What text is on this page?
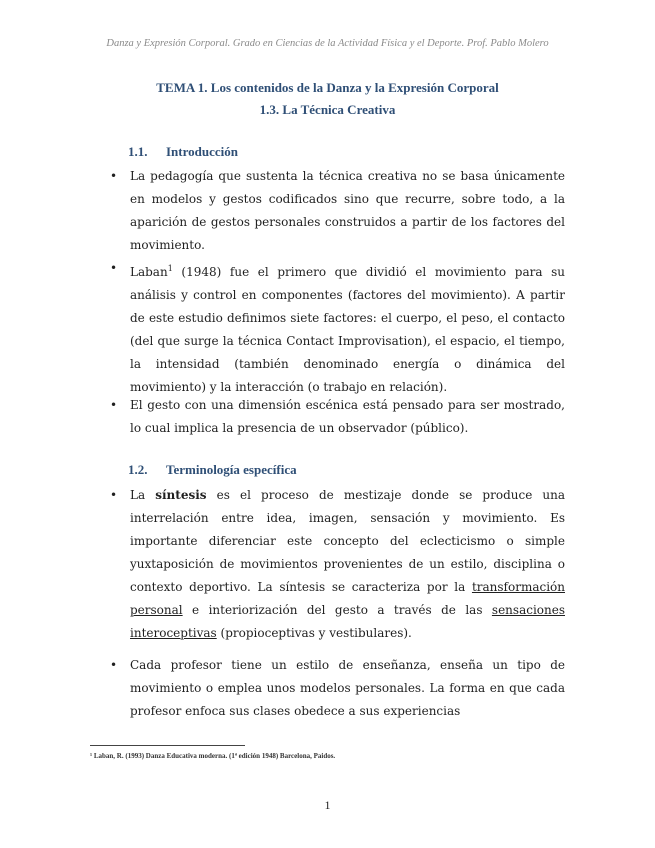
Danza y Expresión Corporal. Grado en Ciencias de la Actividad Física y el Deporte. Prof. Pablo Molero
TEMA 1. Los contenidos de la Danza y la Expresión Corporal
1.3. La Técnica Creativa
1.1. Introducción
• La pedagogía que sustenta la técnica creativa no se basa únicamente en modelos y gestos codificados sino que recurre, sobre todo, a la aparición de gestos personales construidos a partir de los factores del movimiento.

• Laban$^1$ (1948) fue el primero que dividió el movimiento para su análisis y control en componentes (factores del movimiento). A partir de este estudio definimos siete factores: el cuerpo, el peso, el contacto (del que surge la técnica Contact Improvisation), el espacio, el tiempo, la intensidad (también denominado energía o dinámica del movimiento) y la interacción (o trabajo en relación).

• El gesto con una dimensión escénica está pensado para ser mostrado, lo cual implica la presencia de un observador (público).

1.2. Terminología específica
• La síntesis es el proceso de mestizaje donde se produce una interrelación entre idea, imagen, sensación y movimiento. Es importante diferenciar este concepto del eclecticismo o simple yuxtaposición de movimientos provenientes de un estilo, disciplina o contexto deportivo. La síntesis se caracteriza por la transformación personal e interiorización del gesto a través de las sensaciones interoceptivas (propioceptivas y vestibulares).

• Cada profesor tiene un estilo de enseñanza, enseña un tipo de movimiento o emplea unos modelos personales. La forma en que cada profesor enfoca sus clases obedece a sus experiencias

¹ Laban, R. (1993) Danza Educativa moderna. (1ª edición 1948) Barcelona, Paidos.
1
